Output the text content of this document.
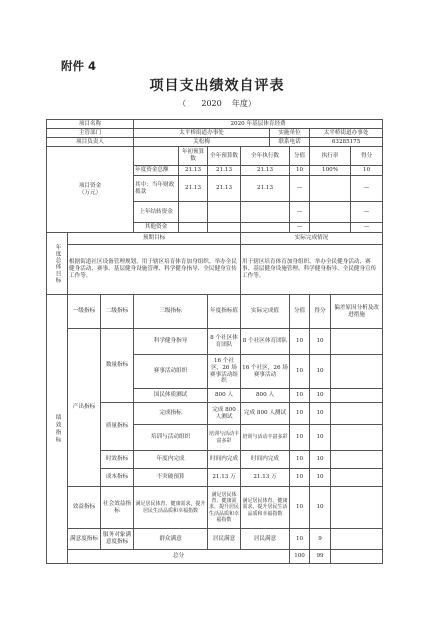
附件 4
项目支出绩效自评表
（ 2020 年度）
项目名称			2020 年基层体育经费								
主管部门			太平桥街道办事处				实施单位		太平桥街道办事处		
项目负责人			关松梅				联系电话		63285175		
项目资金
（万元）				年初预算数	全年预算数	全年执行数		分值	执行率		得分
			年度资金总额	21.13	21.13	21.13		10	100%		10
			其中：当年财政拨款	21.13	21.13	21.13		—			—
			上年结转资金					—			—
			其他资金					—			—
年度总体目标	预期目标					实际完成情况					
	根据街道社区设备管理规划，用于辖区培育体育加身组织、举办全民健身活动、赛事、基层健身设施管理、科学健身指导、全民健身宣传工作等。					用于辖区培育体育加身组织、举办全民健身活动、赛事、基层健身设施管理、科学健身指导、全民健身宣传工作等。					
绩效指标	一级指标	二级指标	三级指标		年度指标值	实际完成值		分值	得分	偏差原因分析及改进措施	
	产出指标	数量指标	科学健身指导		8 个社区体育团队	8 个社区体育团队		10	10		
			赛事活动组织		16 个社区，26 场赛事活动组织	16 个社区，26 场赛事活动		10	10		
			国民体质测试		800 人	800 人		10	10		
		质量指标	完成指标		完成 800 人测试	完成 800 人测试		10	10		
			培训与活动组织		培训与活动丰富多彩	培训与活动丰富多彩		10	10		
		时效指标	年度内完成		时间内完成	时间内完成		10	10		
		成本指标	不突破预算		21.13 万	21.13 万		10	10		
	效益指标	社会效益指标	满足居民体育、健康需求，提升居民生活品质和幸福指数		满足居民体育、健康需求，提升居民生活品质和幸福指数	满足居民体育、健康需求，提升居民生活品质和幸福指数		10	10		
	满意度指标	服务对象满意度指标	群众满意		居民满意	居民满意		10	9		
	总分							100	99		
